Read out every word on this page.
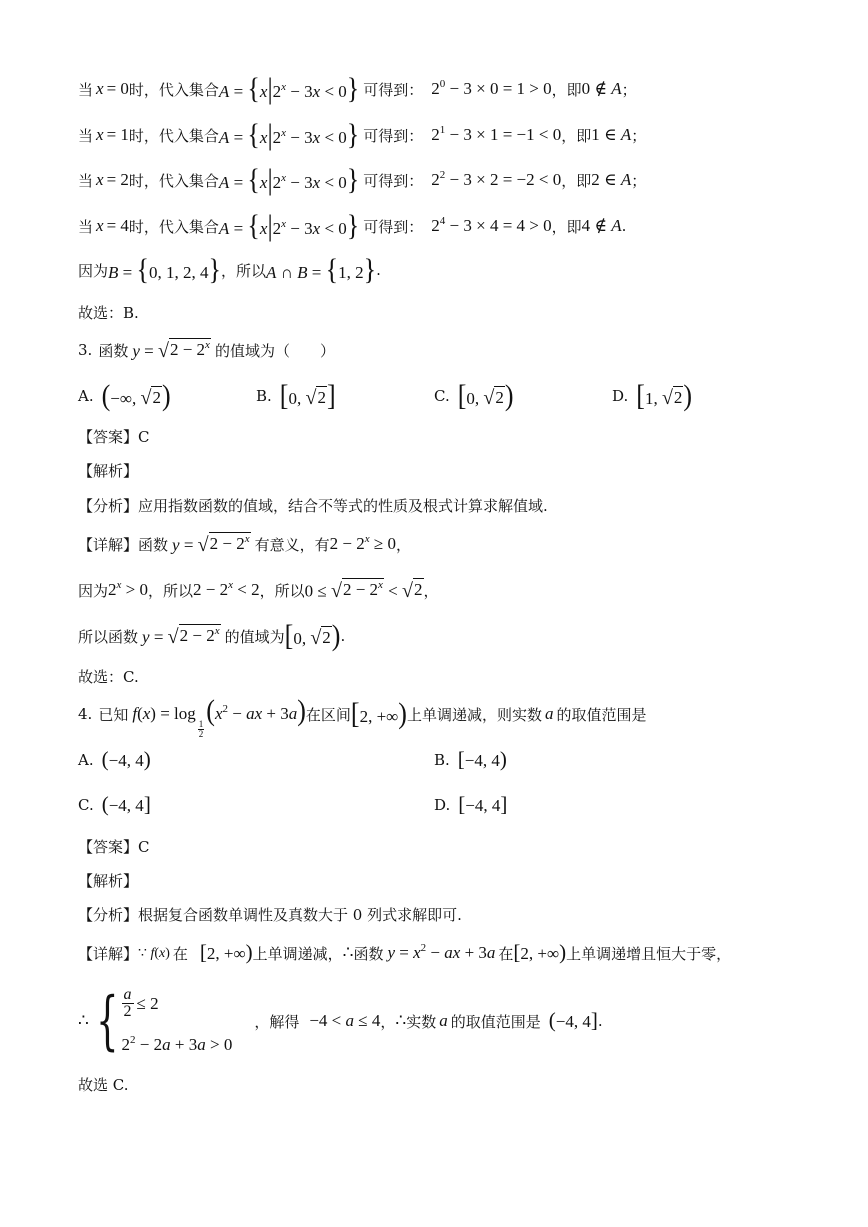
当 x = 0 时，代入集合 $A = \{x|2^x - 3x < 0\}$ 可得到： $2^0 - 3 \times 0 = 1 > 0$ ，即 0 ∉ A ；
当 x = 1 时，代入集合 $A = \{x|2^x - 3x < 0\}$ 可得到： $2^1 - 3 \times 1 = -1 < 0$ ，即 1 ∈ A ；
当 x = 2 时，代入集合 $A = \{x|2^x - 3x < 0\}$ 可得到： $2^2 - 3 \times 2 = -2 < 0$ ，即 2 ∈ A ；
当 x = 4 时，代入集合 $A = \{x|2^x - 3x < 0\}$ 可得到： $2^4 - 3 \times 4 = 4 > 0$ ，即 4 ∉ A .
因为 B = {0, 1, 2, 4} ，所以 A ∩ B = {1, 2} .
故选：B.
3. 函数 y = √ $2 - 2^x$ 的值域为（　　）
A. (−∞, √ 2 )	B. [0, √ 2 ]	C. [0, √ 2 )	D. [1, √ 2 )
【答案】C
【解析】
【分析】应用指数函数的值域，结合不等式的性质及根式计算求解值域.
【详解】 函数 y = √ $2 - 2^x$ 有意义，有 $2 - 2^x \ge 0$ ，
因为 $2^x > 0$ ，所以 $2 - 2^x < 2$ ，所以 0 ≤ √ $2 - 2^x$ < √ 2 ，
所以函数 y = √ $2 - 2^x$ 的值域为 [0, √ 2 ) .
故选：C.
4. 已知 f(x) = log
$\frac{1}{2}$
($x^2$ − ax + 3a) 在区间 [2, +∞) 上单调递减，则实数 a 的取值范围是
A. (−4, 4)	B. [−4, 4)
C. (−4, 4]	D. [−4, 4]
【答案】C
【解析】
【分析】根据复合函数单调性及真数大于 0 列式求解即可.
【详解】 ∵ f(x) 在 [2, +∞) 上单调递减， ∴ 函数 $y = x^2$ − ax + 3a 在 [2, +∞) 上单调递增且恒大于零，
∴ { $\frac{a}{2} \le 2$
$2^2 - 2a + 3a > 0$
，解得 −4 < a ≤ 4 ， ∴ 实数 a 的取值范围是 (−4, 4] .
故选 C.
